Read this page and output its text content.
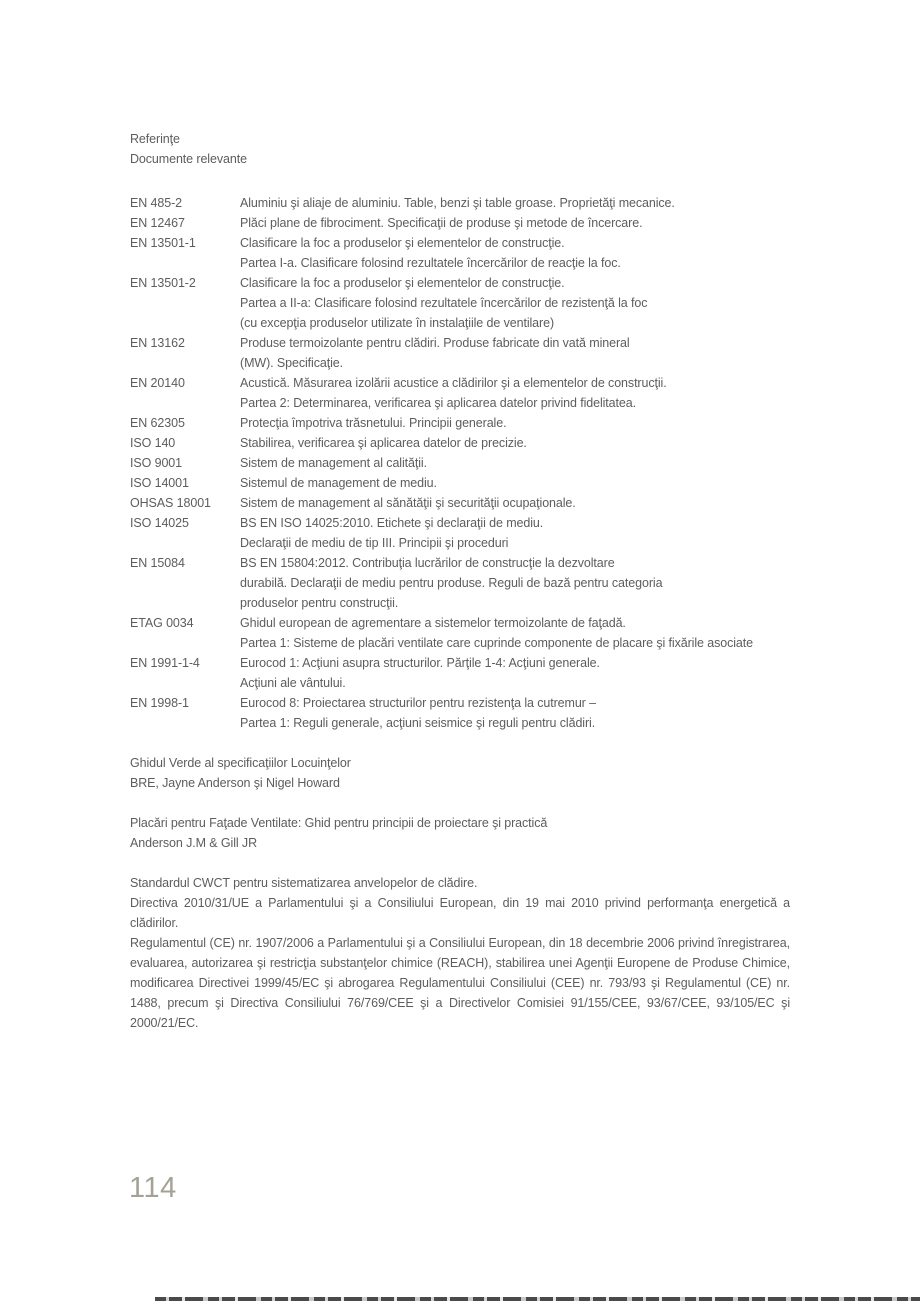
Referinţe
Documente relevante
EN 485-2	Aluminiu şi aliaje de aluminiu. Table, benzi şi table groase. Proprietăţi mecanice.
EN 12467	Plăci plane de fibrociment. Specificaţii de produse şi metode de încercare.
EN 13501-1	Clasificare la foc a produselor şi elementelor de construcţie.
Partea I-a. Clasificare folosind rezultatele încercărilor de reacţie la foc.
EN 13501-2	Clasificare la foc a produselor şi elementelor de construcţie.
Partea a II-a: Clasificare folosind rezultatele încercărilor de rezistenţă la foc
(cu excepţia produselor utilizate în instalaţiile de ventilare)
EN 13162	Produse termoizolante pentru clădiri. Produse fabricate din vată mineral
(MW). Specificaţie.
EN 20140	Acustică. Măsurarea izolării acustice a clădirilor şi a elementelor de construcţii.
Partea 2: Determinarea, verificarea şi aplicarea datelor privind fidelitatea.
EN 62305	Protecţia împotriva trăsnetului. Principii generale.
ISO 140	Stabilirea, verificarea şi aplicarea datelor de precizie.
ISO 9001	Sistem de management al calităţii.
ISO 14001	Sistemul de management de mediu.
OHSAS 18001	Sistem de management al sănătăţii şi securităţii ocupaţionale.
ISO 14025	BS EN ISO 14025:2010. Etichete şi declaraţii de mediu.
Declaraţii de mediu de tip III. Principii şi proceduri
EN 15084	BS EN 15804:2012. Contribuţia lucrărilor de construcţie la dezvoltare
durabilă. Declaraţii de mediu pentru produse. Reguli de bază pentru categoria
produselor pentru construcţii.
ETAG 0034	Ghidul european de agrementare a sistemelor termoizolante de faţadă.
Partea 1: Sisteme de placări ventilate care cuprinde componente de placare şi fixările asociate
EN 1991-1-4	Eurocod 1: Acţiuni asupra structurilor. Părţile 1-4: Acţiuni generale.
Acţiuni ale vântului.
EN 1998-1	Eurocod 8: Proiectarea structurilor pentru rezistenţa la cutremur –
Partea 1: Reguli generale, acţiuni seismice şi reguli pentru clădiri.
Ghidul Verde al specificaţiilor Locuinţelor
BRE, Jayne Anderson şi Nigel Howard
Placări pentru Faţade Ventilate: Ghid pentru principii de proiectare şi practică
Anderson J.M & Gill JR

Standardul CWCT pentru sistematizarea anvelopelor de clădire.

Directiva 2010/31/UE a Parlamentului şi a Consiliului European, din 19 mai 2010 privind performanţa energetică a clădirilor.

Regulamentul (CE) nr. 1907/2006 a Parlamentului şi a Consiliului European, din 18 decembrie 2006 privind înregistrarea, evaluarea, autorizarea şi restricţia substanţelor chimice (REACH), stabilirea unei Agenţii Europene de Produse Chimice, modificarea Directivei 1999/45/EC şi abrogarea Regulamentului Consiliului (CEE) nr. 793/93 şi Regulamentul (CE) nr. 1488, precum şi Directiva Consiliului 76/769/CEE şi a Directivelor Comisiei 91/155/CEE, 93/67/CEE, 93/105/EC şi 2000/21/EC.

114
